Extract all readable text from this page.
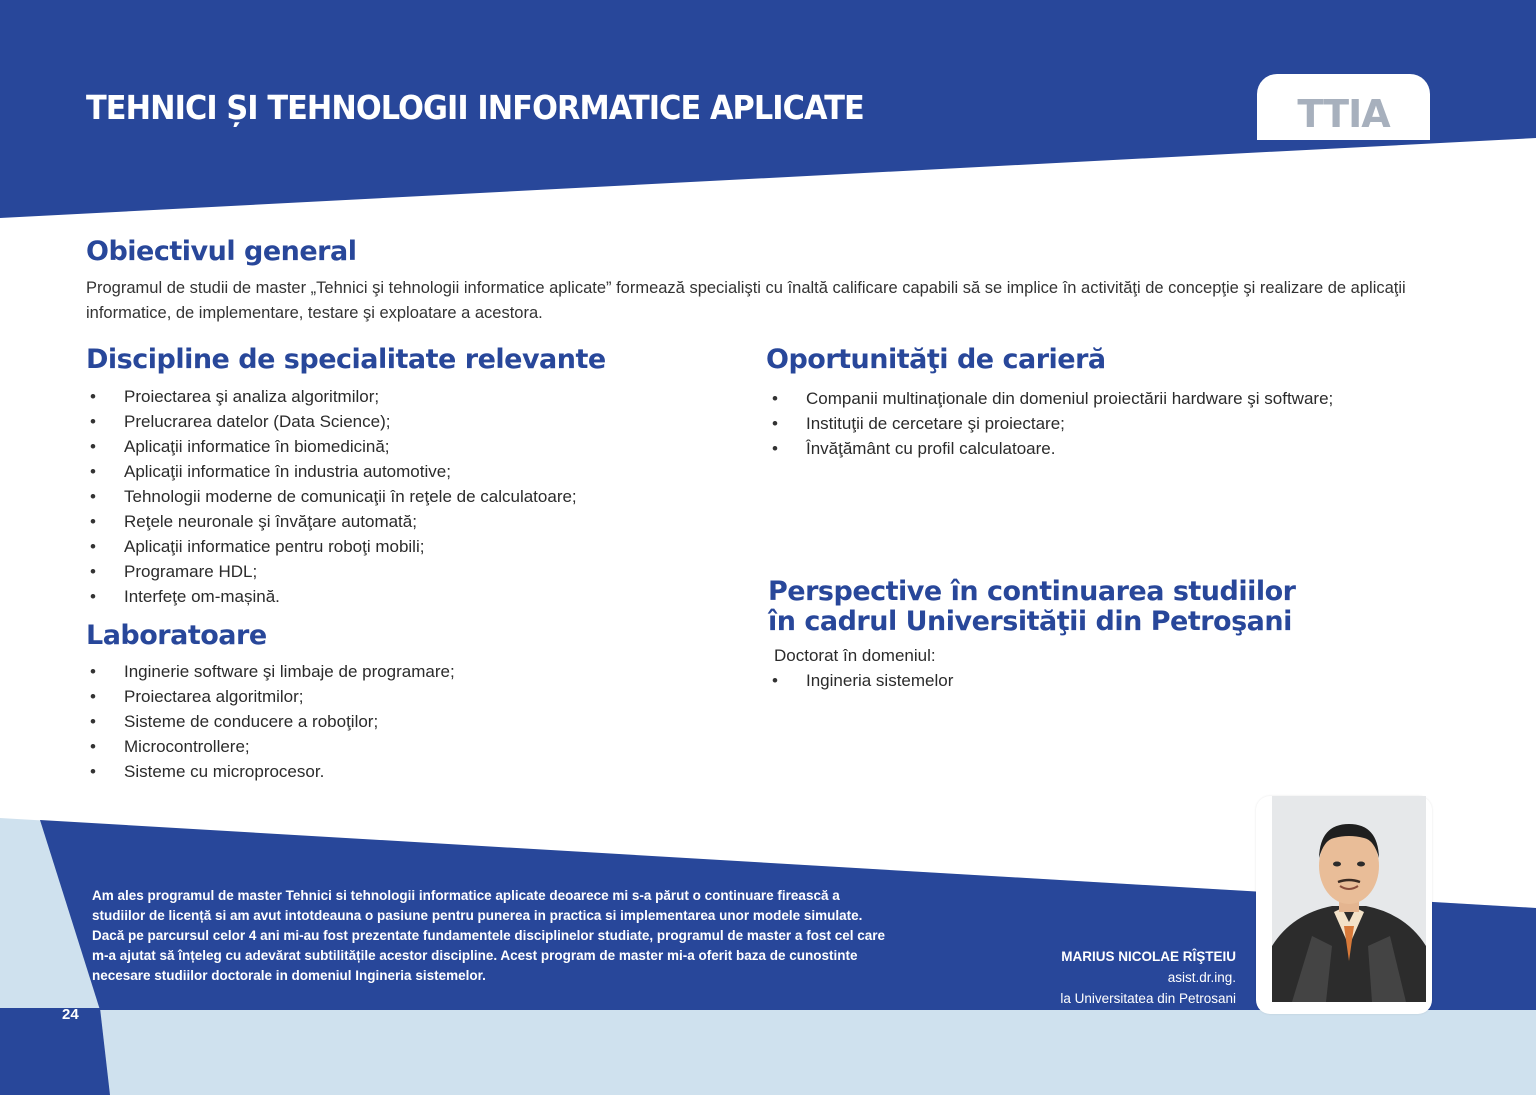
TEHNICI ȘI TEHNOLOGII INFORMATICE APLICATE	TTIA
Obiectivul general
Programul de studii de master „Tehnici şi tehnologii informatice aplicate” formează specialişti cu înaltă calificare capabili să se implice în activităţi de concepţie şi realizare de aplicaţii informatice, de implementare, testare şi exploatare a acestora.
Discipline de specialitate relevante
• Proiectarea şi analiza algoritmilor;
• Prelucrarea datelor (Data Science);
• Aplicaţii informatice în biomedicină;
• Aplicaţii informatice în industria automotive;
• Tehnologii moderne de comunicaţii în reţele de calculatoare;
• Reţele neuronale şi învăţare automată;
• Aplicaţii informatice pentru roboţi mobili;
• Programare HDL;
• Interfeţe om-mașină.
Laboratoare
• Inginerie software şi limbaje de programare;
• Proiectarea algoritmilor;
• Sisteme de conducere a roboţilor;
• Microcontrollere;
• Sisteme cu microprocesor.
Oportunităţi de carieră
• Companii multinaţionale din domeniul proiectării hardware şi software;
• Instituţii de cercetare şi proiectare;
• Învăţământ cu profil calculatoare.
Perspective în continuarea studiilor
în cadrul Universităţii din Petroşani
Doctorat în domeniul:
• Ingineria sistemelor
Am ales programul de master Tehnici si tehnologii informatice aplicate deoarece mi s-a părut o continuare firească a studiilor de licență si am avut intotdeauna o pasiune pentru punerea in practica si implementarea unor modele simulate. Dacă pe parcursul celor 4 ani mi-au fost prezentate fundamentele disciplinelor studiate, programul de master a fost cel care m-a ajutat să înțeleg cu adevărat subtilitățile acestor discipline. Acest program de master mi-a oferit baza de cunostinte necesare studiilor doctorale in domeniul Ingineria sistemelor.
MARIUS NICOLAE RÎŞTEIU
asist.dr.ing.
la Universitatea din Petrosani
24
